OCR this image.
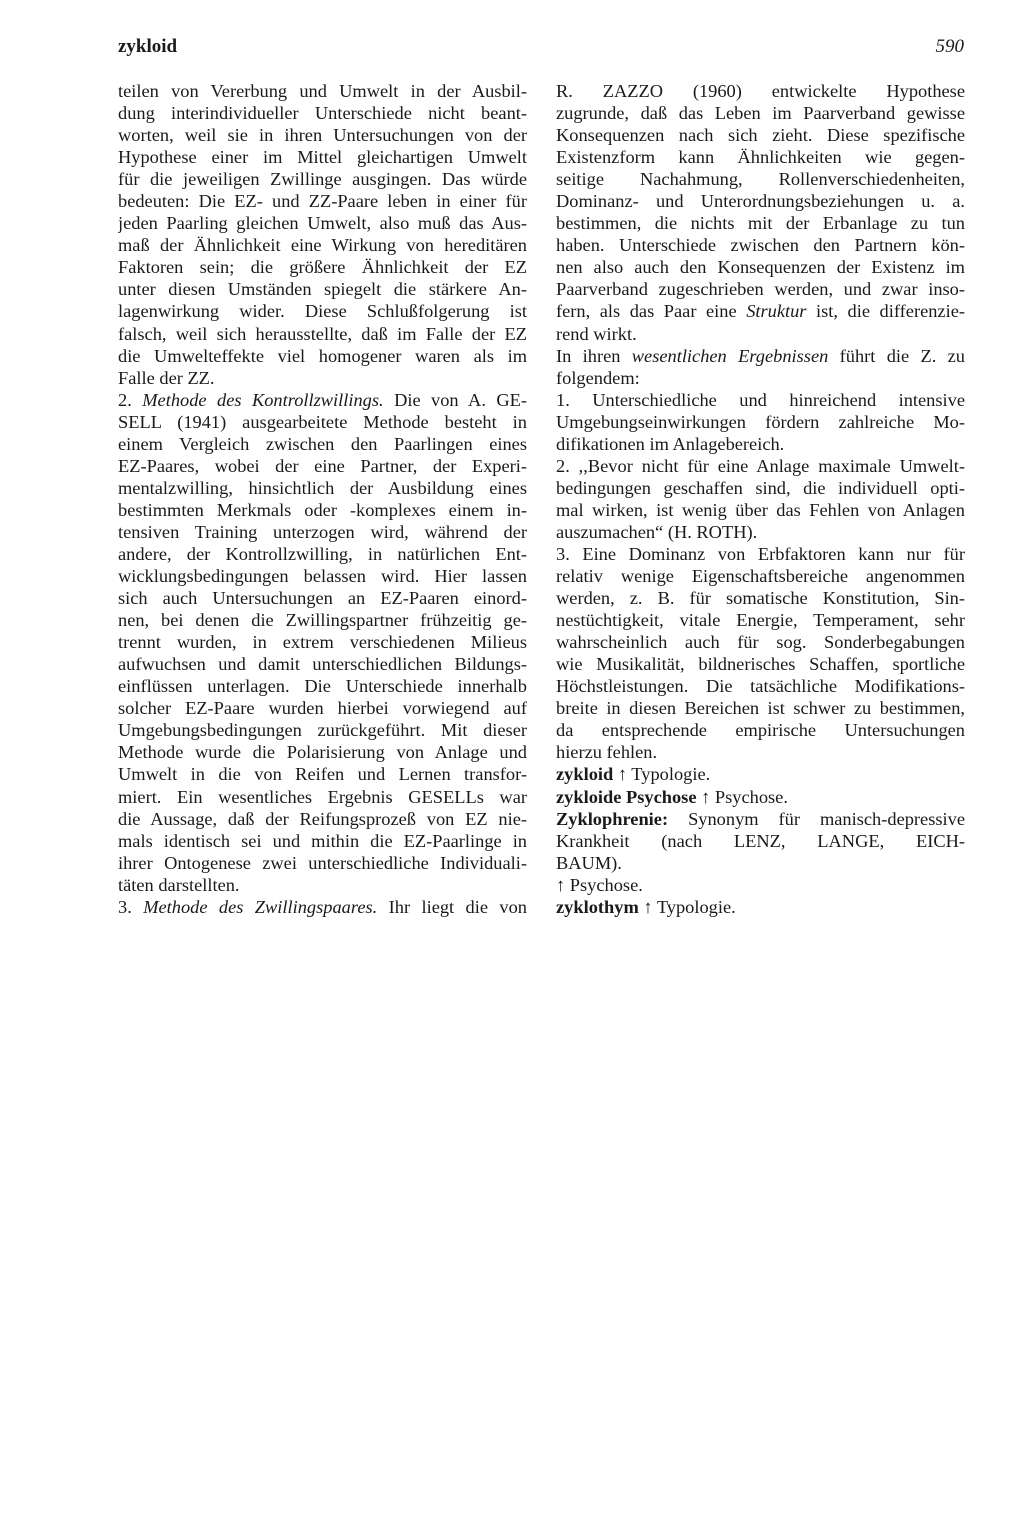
zykloid	590
teilen von Vererbung und Umwelt in der Ausbil-
dung interindividueller Unterschiede nicht beant-
worten, weil sie in ihren Untersuchungen von der
Hypothese einer im Mittel gleichartigen Umwelt
für die jeweiligen Zwillinge ausgingen. Das würde
bedeuten: Die EZ- und ZZ-Paare leben in einer für
jeden Paarling gleichen Umwelt, also muß das Aus-
maß der Ähnlichkeit eine Wirkung von hereditären
Faktoren sein; die größere Ähnlichkeit der EZ
unter diesen Umständen spiegelt die stärkere An-
lagenwirkung wider. Diese Schlußfolgerung ist
falsch, weil sich herausstellte, daß im Falle der EZ
die Umwelteffekte viel homogener waren als im
Falle der ZZ.
2. Methode des Kontrollzwillings. Die von A. GE-
SELL (1941) ausgearbeitete Methode besteht in
einem Vergleich zwischen den Paarlingen eines
EZ-Paares, wobei der eine Partner, der Experi-
mentalzwilling, hinsichtlich der Ausbildung eines
bestimmten Merkmals oder -komplexes einem in-
tensiven Training unterzogen wird, während der
andere, der Kontrollzwilling, in natürlichen Ent-
wicklungsbedingungen belassen wird. Hier lassen
sich auch Untersuchungen an EZ-Paaren einord-
nen, bei denen die Zwillingspartner frühzeitig ge-
trennt wurden, in extrem verschiedenen Milieus
aufwuchsen und damit unterschiedlichen Bildungs-
einflüssen unterlagen. Die Unterschiede innerhalb
solcher EZ-Paare wurden hierbei vorwiegend auf
Umgebungsbedingungen zurückgeführt. Mit dieser
Methode wurde die Polarisierung von Anlage und
Umwelt in die von Reifen und Lernen transfor-
miert. Ein wesentliches Ergebnis GESELLs war
die Aussage, daß der Reifungsprozeß von EZ nie-
mals identisch sei und mithin die EZ-Paarlinge in
ihrer Ontogenese zwei unterschiedliche Individuali-
täten darstellten.
3. Methode des Zwillingspaares. Ihr liegt die von
R. ZAZZO (1960) entwickelte Hypothese
zugrunde, daß das Leben im Paarverband gewisse
Konsequenzen nach sich zieht. Diese spezifische
Existenzform kann Ähnlichkeiten wie gegen-
seitige Nachahmung, Rollenverschiedenheiten,
Dominanz- und Unterordnungsbeziehungen u. a.
bestimmen, die nichts mit der Erbanlage zu tun
haben. Unterschiede zwischen den Partnern kön-
nen also auch den Konsequenzen der Existenz im
Paarverband zugeschrieben werden, und zwar inso-
fern, als das Paar eine Struktur ist, die differenzie-
rend wirkt.
In ihren wesentlichen Ergebnissen führt die Z. zu
folgendem:
1. Unterschiedliche und hinreichend intensive
Umgebungseinwirkungen fördern zahlreiche Mo-
difikationen im Anlagebereich.
2. ,,Bevor nicht für eine Anlage maximale Umwelt-
bedingungen geschaffen sind, die individuell opti-
mal wirken, ist wenig über das Fehlen von Anlagen
auszumachen“ (H. ROTH).
3. Eine Dominanz von Erbfaktoren kann nur für
relativ wenige Eigenschaftsbereiche angenommen
werden, z. B. für somatische Konstitution, Sin-
nestüchtigkeit, vitale Energie, Temperament, sehr
wahrscheinlich auch für sog. Sonderbegabungen
wie Musikalität, bildnerisches Schaffen, sportliche
Höchstleistungen. Die tatsächliche Modifikations-
breite in diesen Bereichen ist schwer zu bestimmen,
da entsprechende empirische Untersuchungen
hierzu fehlen.
zykloid ↑ Typologie.
zykloide Psychose ↑ Psychose.
Zyklophrenie: Synonym für manisch-depressive
Krankheit (nach LENZ, LANGE, EICH-
BAUM).
↑ Psychose.
zyklothym ↑ Typologie.
